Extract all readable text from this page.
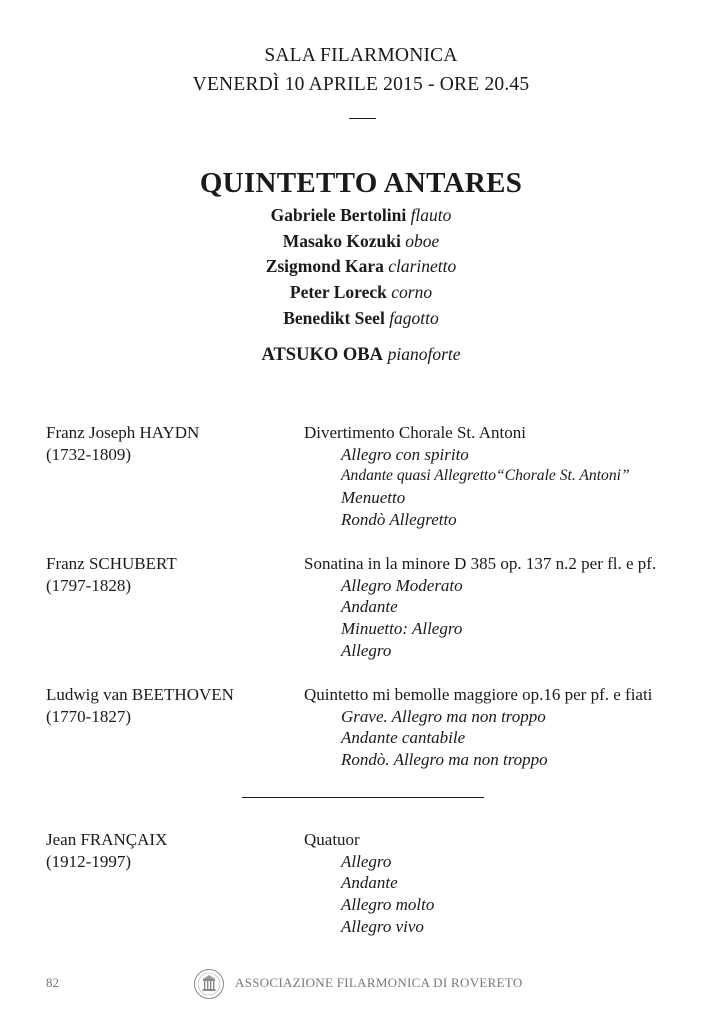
SALA FILARMONICA
VENERDÌ 10 APRILE 2015 - ORE 20.45
QUINTETTO ANTARES
Gabriele Bertolini flauto
Masako Kozuki oboe
Zsigmond Kara clarinetto
Peter Loreck corno
Benedikt Seel fagotto
ATSUKO OBA pianoforte
Franz Joseph HAYDN
(1732-1809)
Divertimento Chorale St. Antoni
Allegro con spirito
Andante quasi Allegretto“Chorale St. Antoni”
Menuetto
Rondò Allegretto
Franz SCHUBERT
(1797-1828)
Sonatina in la minore D 385 op. 137 n.2 per fl. e pf.
Allegro Moderato
Andante
Minuetto: Allegro
Allegro
Ludwig van BEETHOVEN
(1770-1827)
Quintetto mi bemolle maggiore op.16 per pf. e fiati
Grave. Allegro ma non troppo
Andante cantabile
Rondò. Allegro ma non troppo
Jean FRANÇAIX
(1912-1997)
Quatuor
Allegro
Andante
Allegro molto
Allegro vivo
82	ASSOCIAZIONE FILARMONICA DI ROVERETO
